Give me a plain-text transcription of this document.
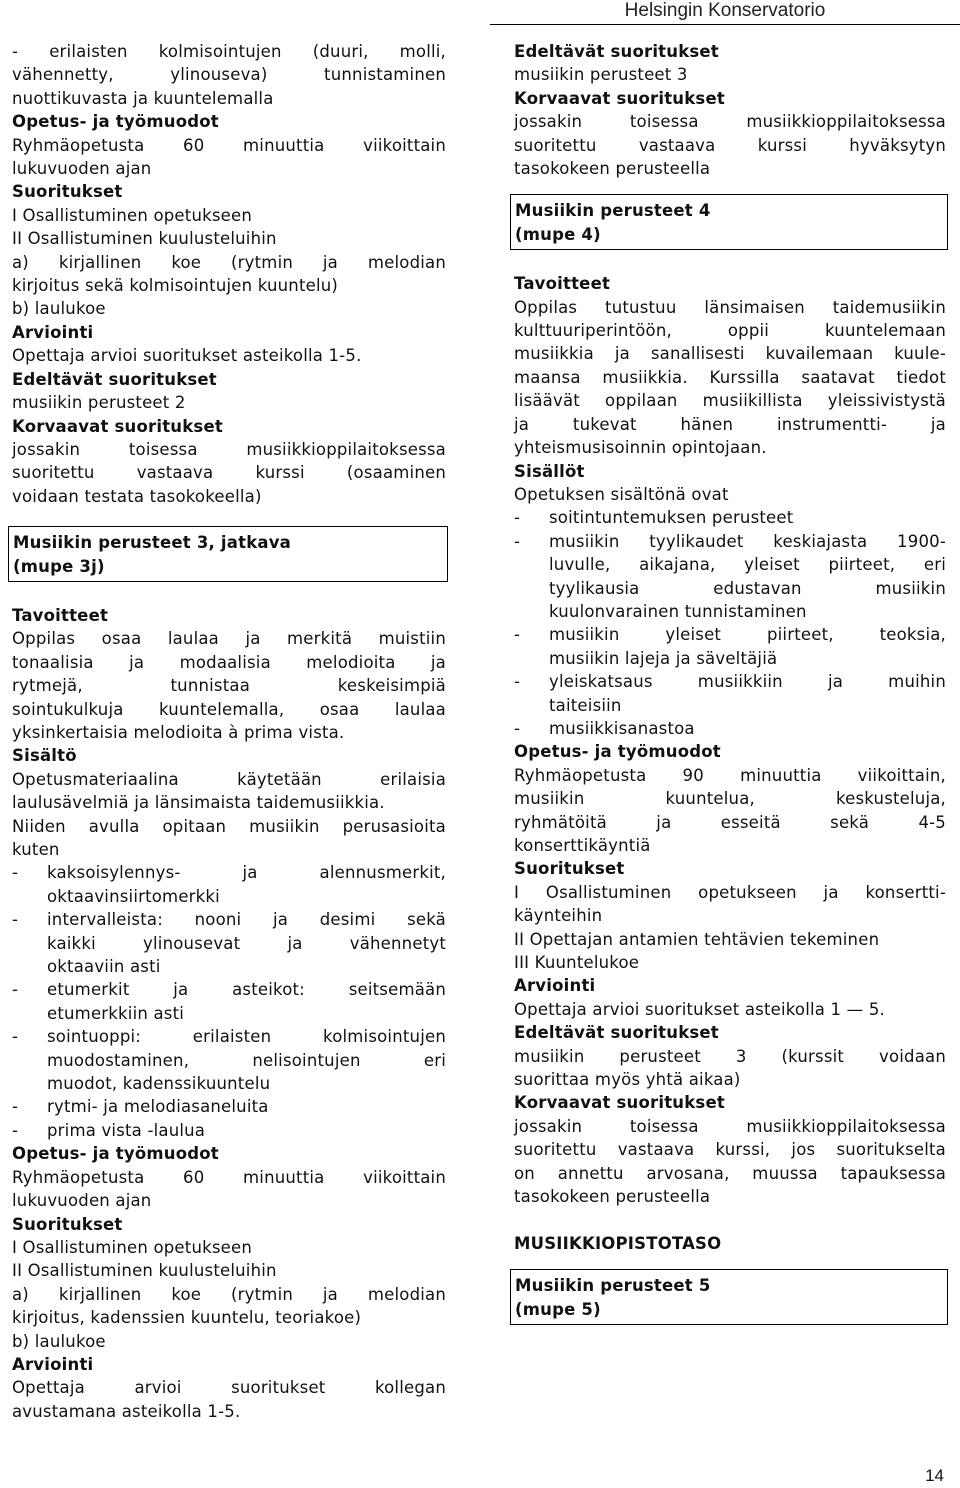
Helsingin Konservatorio
- erilaisten kolmisointujen (duuri, molli,
vähennetty, ylinouseva) tunnistaminen
nuottikuvasta ja kuuntelemalla
Opetus- ja työmuodot
Ryhmäopetusta 60 minuuttia viikoittain
lukuvuoden ajan
Suoritukset
I Osallistuminen opetukseen
II Osallistuminen kuulusteluihin
a) kirjallinen koe (rytmin ja melodian
kirjoitus sekä kolmisointujen kuuntelu)
b) laulukoe
Arviointi
Opettaja arvioi suoritukset asteikolla 1-5.
Edeltävät suoritukset
musiikin perusteet 2
Korvaavat suoritukset
jossakin toisessa musiikkioppilaitoksessa
suoritettu vastaava kurssi (osaaminen
voidaan testata tasokokeella)
Musiikin perusteet 3, jatkava
(mupe 3j)
Tavoitteet
Oppilas osaa laulaa ja merkitä muistiin
tonaalisia ja modaalisia melodioita ja
rytmejä, tunnistaa keskeisimpiä
sointukulkuja kuuntelemalla, osaa laulaa
yksinkertaisia melodioita à prima vista.
Sisältö
Opetusmateriaalina käytetään erilaisia
laulusävelmiä ja länsimaista taidemusiikkia.
Niiden avulla opitaan musiikin perusasioita
kuten
- kaksoisylennys- ja alennusmerkit,
oktaavinsiirtomerkki
- intervalleista: nooni ja desimi sekä
kaikki ylinousevat ja vähennetyt
oktaaviin asti
- etumerkit ja asteikot: seitsemään
etumerkkiin asti
- sointuoppi: erilaisten kolmisointujen
muodostaminen, nelisointujen eri
muodot, kadenssikuuntelu
- rytmi- ja melodiasaneluita
- prima vista -laulua
Opetus- ja työmuodot
Ryhmäopetusta 60 minuuttia viikoittain
lukuvuoden ajan
Suoritukset
I Osallistuminen opetukseen
II Osallistuminen kuulusteluihin
a) kirjallinen koe (rytmin ja melodian
kirjoitus, kadenssien kuuntelu, teoriakoe)
b) laulukoe
Arviointi
Opettaja arvioi suoritukset kollegan
avustamana asteikolla 1-5.
Edeltävät suoritukset
musiikin perusteet 3
Korvaavat suoritukset
jossakin toisessa musiikkioppilaitoksessa
suoritettu vastaava kurssi hyväksytyn
tasokokeen perusteella
Musiikin perusteet 4
(mupe 4)
Tavoitteet
Oppilas tutustuu länsimaisen taidemusiikin
kulttuuriperintöön, oppii kuuntelemaan
musiikkia ja sanallisesti kuvailemaan kuule-
maansa musiikkia. Kurssilla saatavat tiedot
lisäävät oppilaan musiikillista yleissivistystä
ja tukevat hänen instrumentti- ja
yhteismusisoinnin opintojaan.
Sisällöt
Opetuksen sisältönä ovat
- soitintuntemuksen perusteet
- musiikin tyylikaudet keskiajasta 1900-
luvulle, aikajana, yleiset piirteet, eri
tyylikausia edustavan musiikin
kuulonvarainen tunnistaminen
- musiikin yleiset piirteet, teoksia,
musiikin lajeja ja säveltäjiä
- yleiskatsaus musiikkiin ja muihin
taiteisiin
- musiikkisanastoa
Opetus- ja työmuodot
Ryhmäopetusta 90 minuuttia viikoittain,
musiikin kuuntelua, keskusteluja,
ryhmätöitä ja esseitä sekä 4-5
konserttikäyntiä
Suoritukset
I Osallistuminen opetukseen ja konsertti-
käynteihin
II Opettajan antamien tehtävien tekeminen
III Kuuntelukoe
Arviointi
Opettaja arvioi suoritukset asteikolla 1 — 5.
Edeltävät suoritukset
musiikin perusteet 3 (kurssit voidaan
suorittaa myös yhtä aikaa)
Korvaavat suoritukset
jossakin toisessa musiikkioppilaitoksessa
suoritettu vastaava kurssi, jos suoritukselta
on annettu arvosana, muussa tapauksessa
tasokokeen perusteella
MUSIIKKIOPISTOTASO
Musiikin perusteet 5
(mupe 5)
14
